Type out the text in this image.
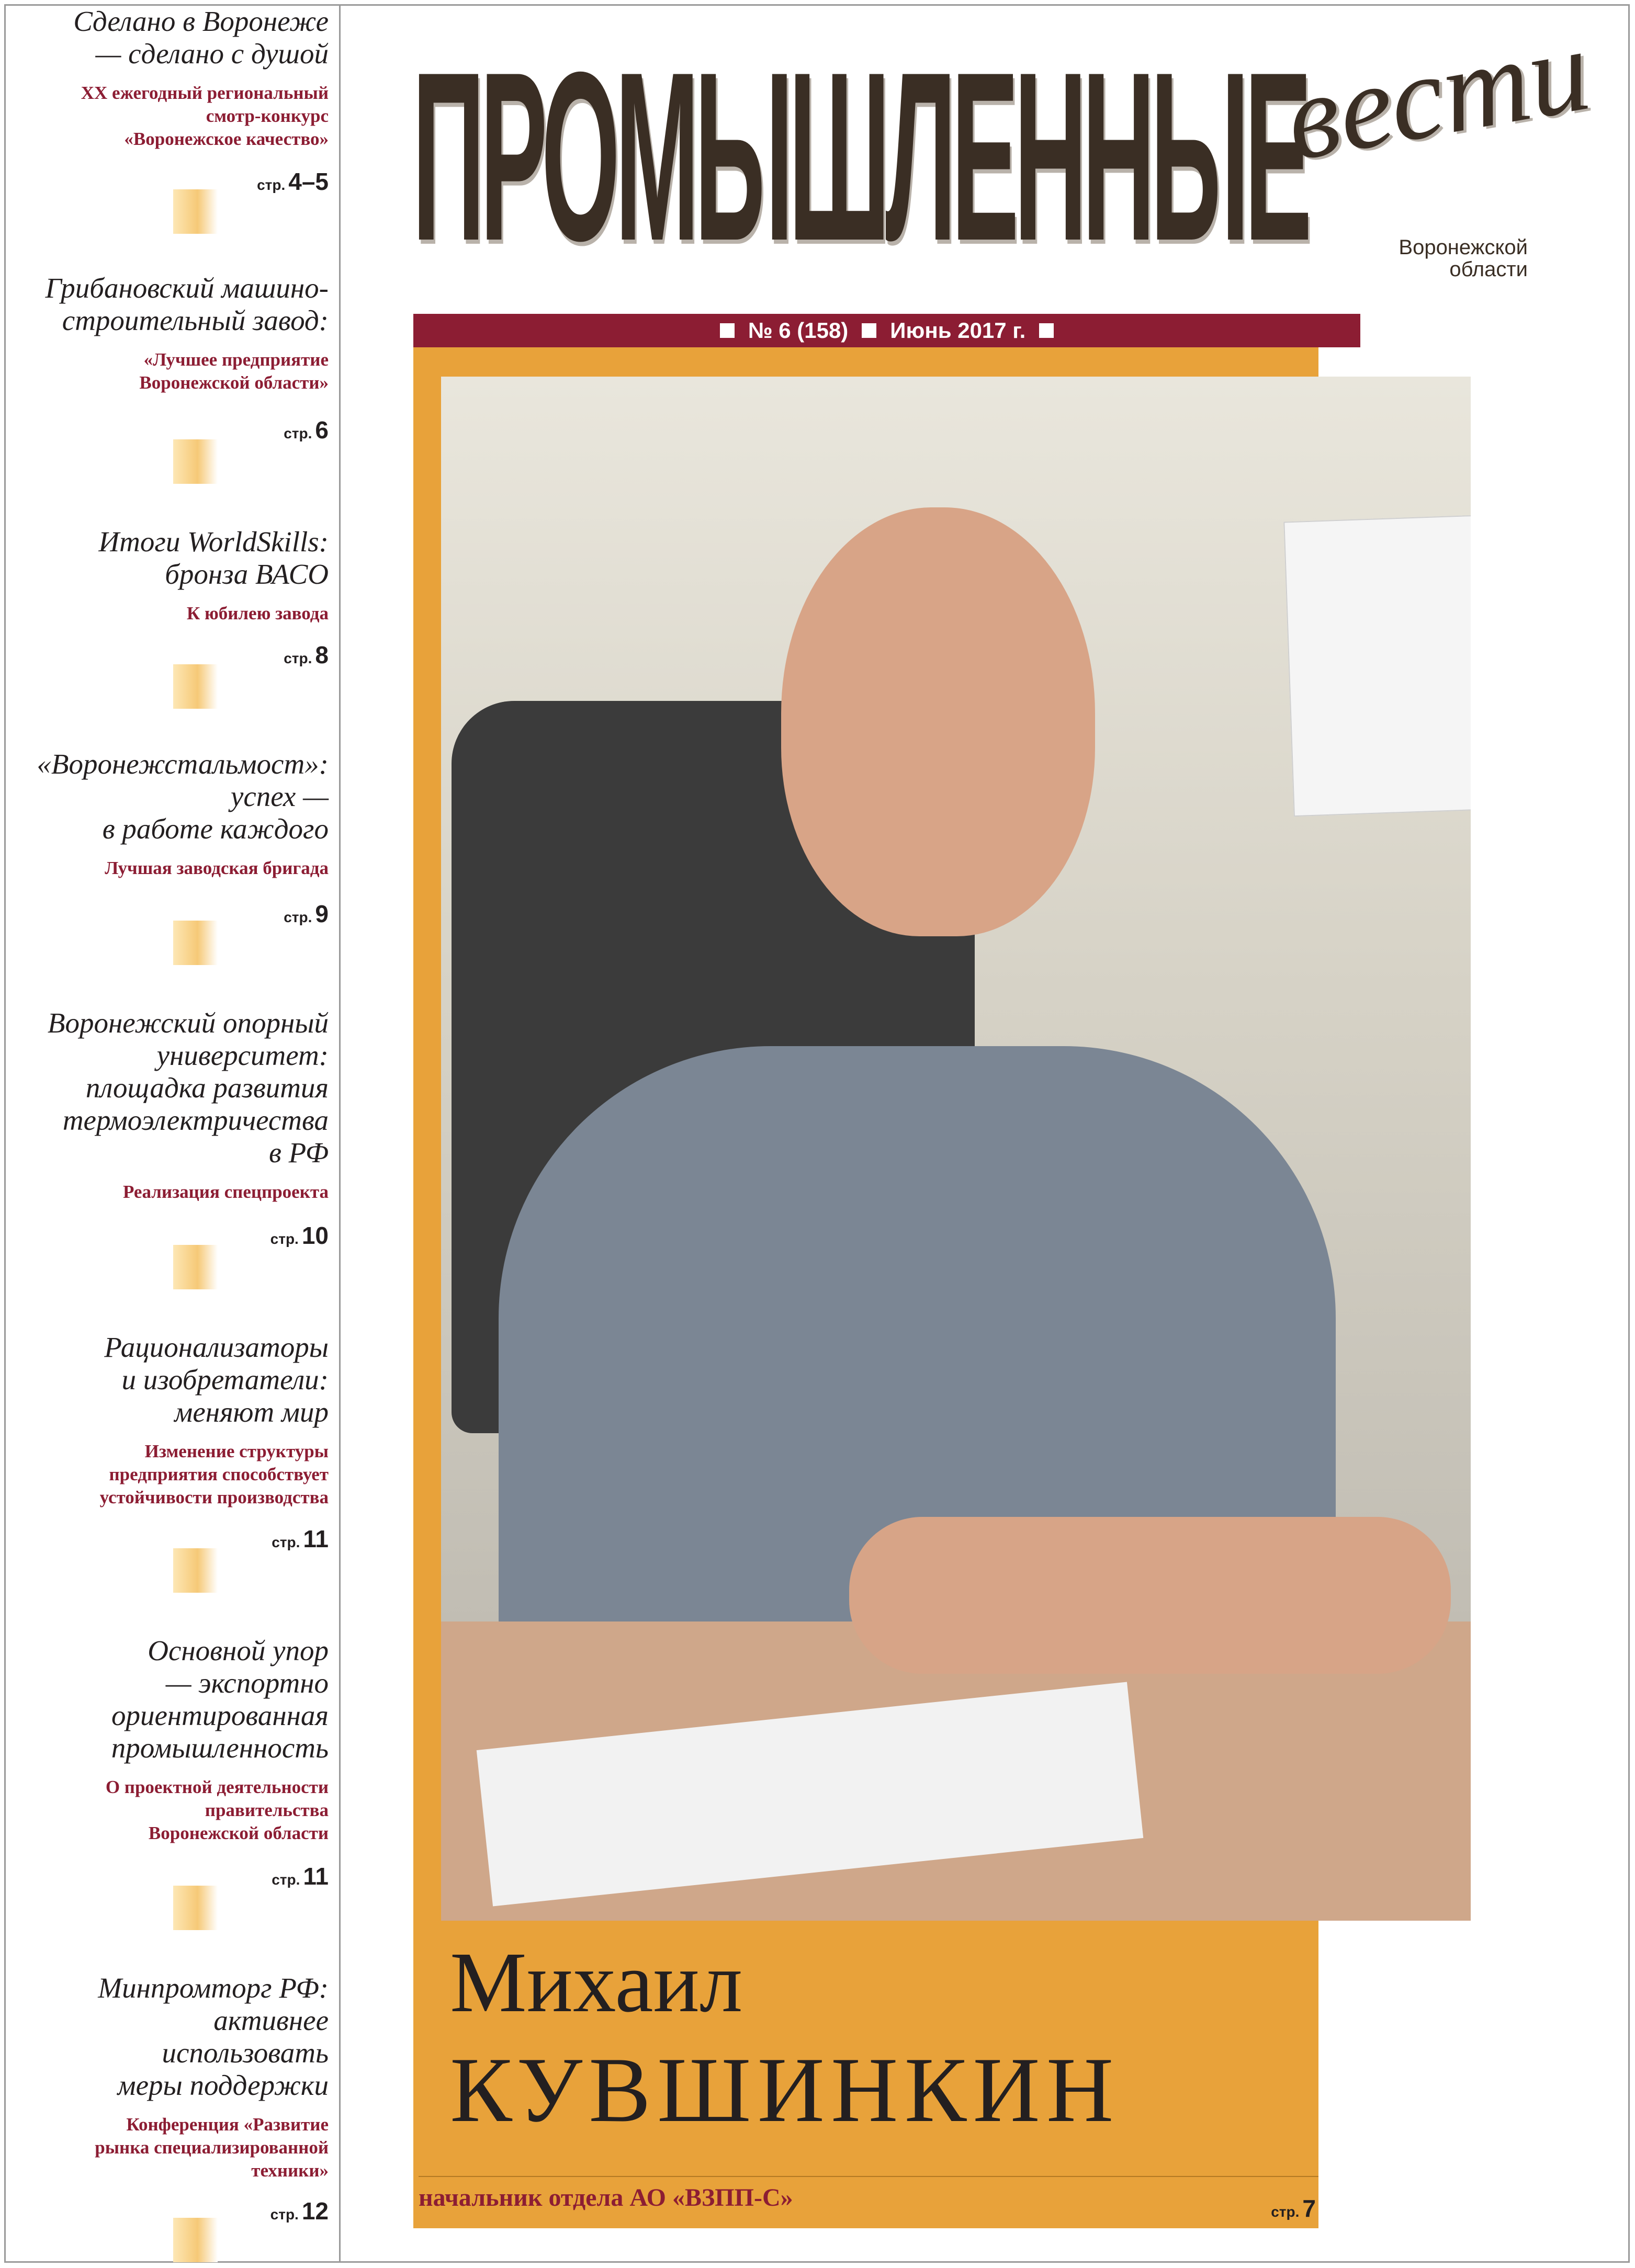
Сделано в Воронеже
— сделано с душой
XX ежегодный региональный
смотр-конкурс
«Воронежское качество»
стр. 4–5
Грибановский машино-
строительный завод:
«Лучшее предприятие
Воронежской области»
стр. 6
Итоги WorldSkills:
бронза ВАСО
К юбилею завода
стр. 8
«Воронежстальмост»:
успех —
в работе каждого
Лучшая заводская бригада
стр. 9
Воронежский опорный
университет:
площадка развития
термоэлектричества
в РФ
Реализация спецпроекта
стр. 10
Рационализаторы
и изобретатели:
меняют мир
Изменение структуры
предприятия способствует
устойчивости производства
стр. 11
Основной упор
— экспортно
ориентированная
промышленность
О проектной деятельности
правительства
Воронежской области
стр. 11
Минпромторг РФ:
активнее
использовать
меры поддержки
Конференция «Развитие
рынка специализированной
техники»
стр. 12
ПРОМЫШЛЕННЫЕ
вести
Воронежской
области
№ 6 (158) Июнь 2017 г.
Михаил
КУВШИНКИН
начальник отдела АО «ВЗПП-С»
стр. 7
